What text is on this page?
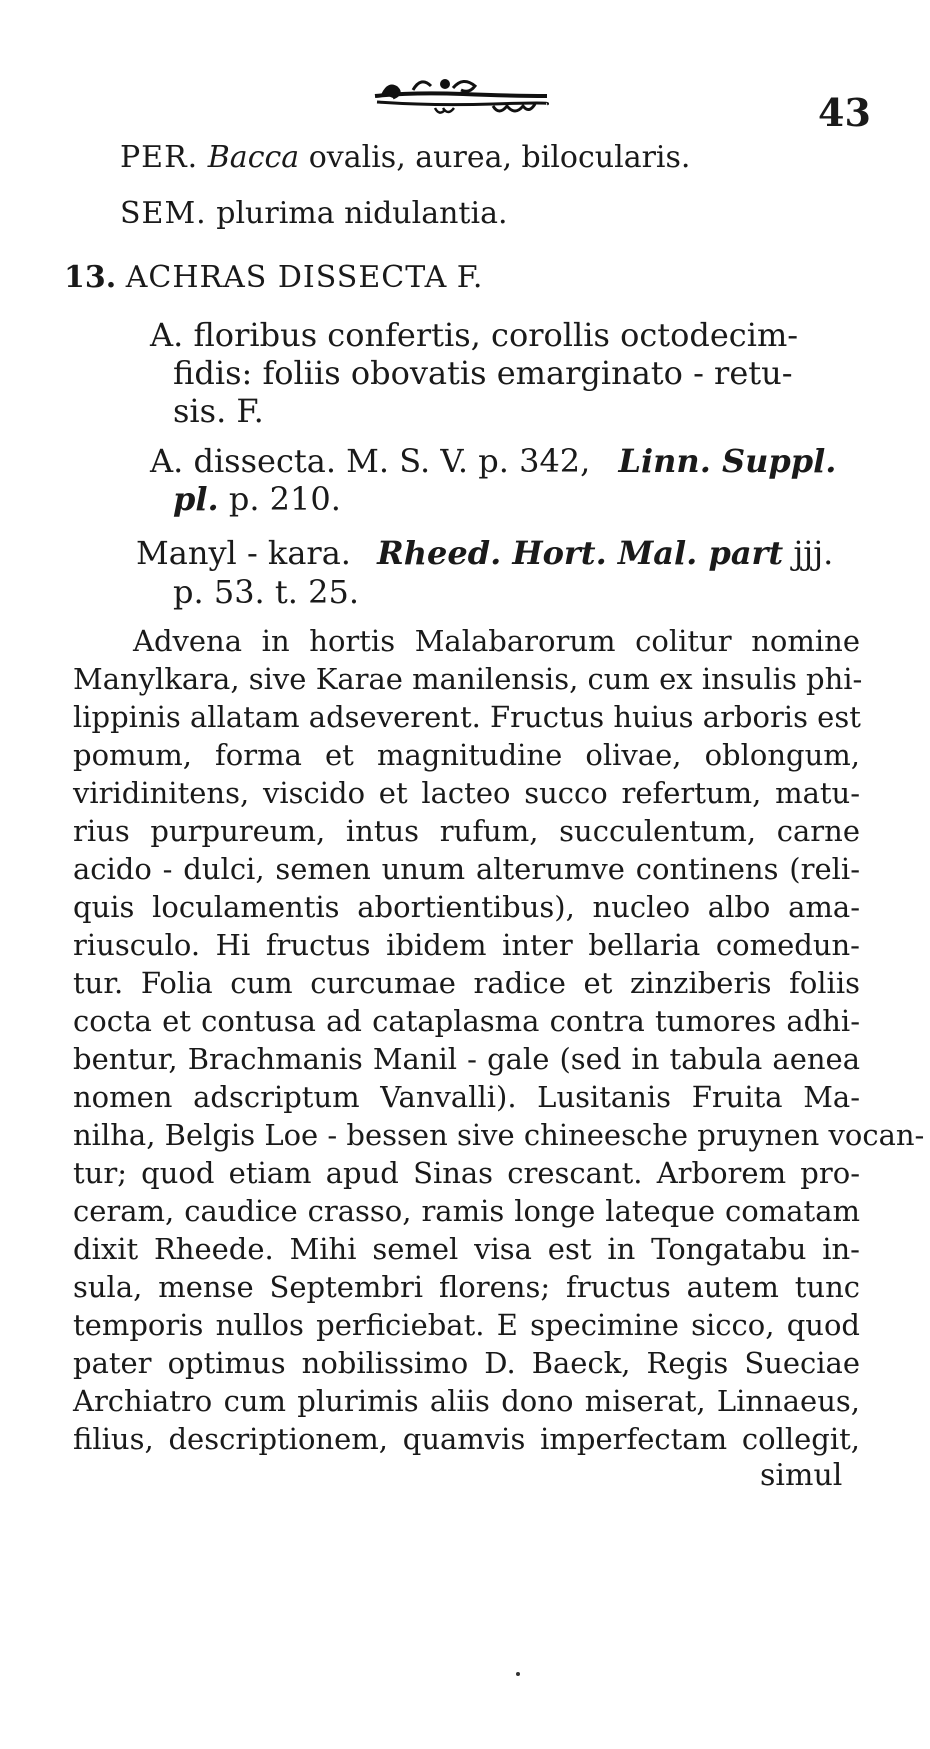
43
PER. Bacca ovalis, aurea, bilocularis.
SEM. plurima nidulantia.
13. ACHRAS DISSECTA F.
A. floribus confertis, corollis octodecim-
fidis: foliis obovatis emarginato - retu-
sis. F.
A. dissecta. M. S. V. p. 342, Linn. Suppl.
pl. p. 210.
Manyl - kara. Rheed. Hort. Mal. part jjj.
p. 53. t. 25.
Advena in hortis Malabarorum colitur nomine
Manylkara, sive Karae manilensis, cum ex insulis phi-
lippinis allatam adseverent. Fructus huius arboris est
pomum, forma et magnitudine olivae, oblongum,
viridinitens, viscido et lacteo succo refertum, matu-
rius purpureum, intus rufum, succulentum, carne
acido - dulci, semen unum alterumve continens (reli-
quis loculamentis abortientibus), nucleo albo ama-
riusculo. Hi fructus ibidem inter bellaria comedun-
tur. Folia cum curcumae radice et zinziberis foliis
cocta et contusa ad cataplasma contra tumores adhi-
bentur, Brachmanis Manil - gale (sed in tabula aenea
nomen adscriptum Vanvalli). Lusitanis Fruita Ma-
nilha, Belgis Loe - bessen sive chineesche pruynen vocan-
tur; quod etiam apud Sinas crescant. Arborem pro-
ceram, caudice crasso, ramis longe lateque comatam
dixit Rheede. Mihi semel visa est in Tongatabu in-
sula, mense Septembri florens; fructus autem tunc
temporis nullos perficiebat. E specimine sicco, quod
pater optimus nobilissimo D. Baeck, Regis Sueciae
Archiatro cum plurimis aliis dono miserat, Linnaeus,
filius, descriptionem, quamvis imperfectam collegit,
simul
